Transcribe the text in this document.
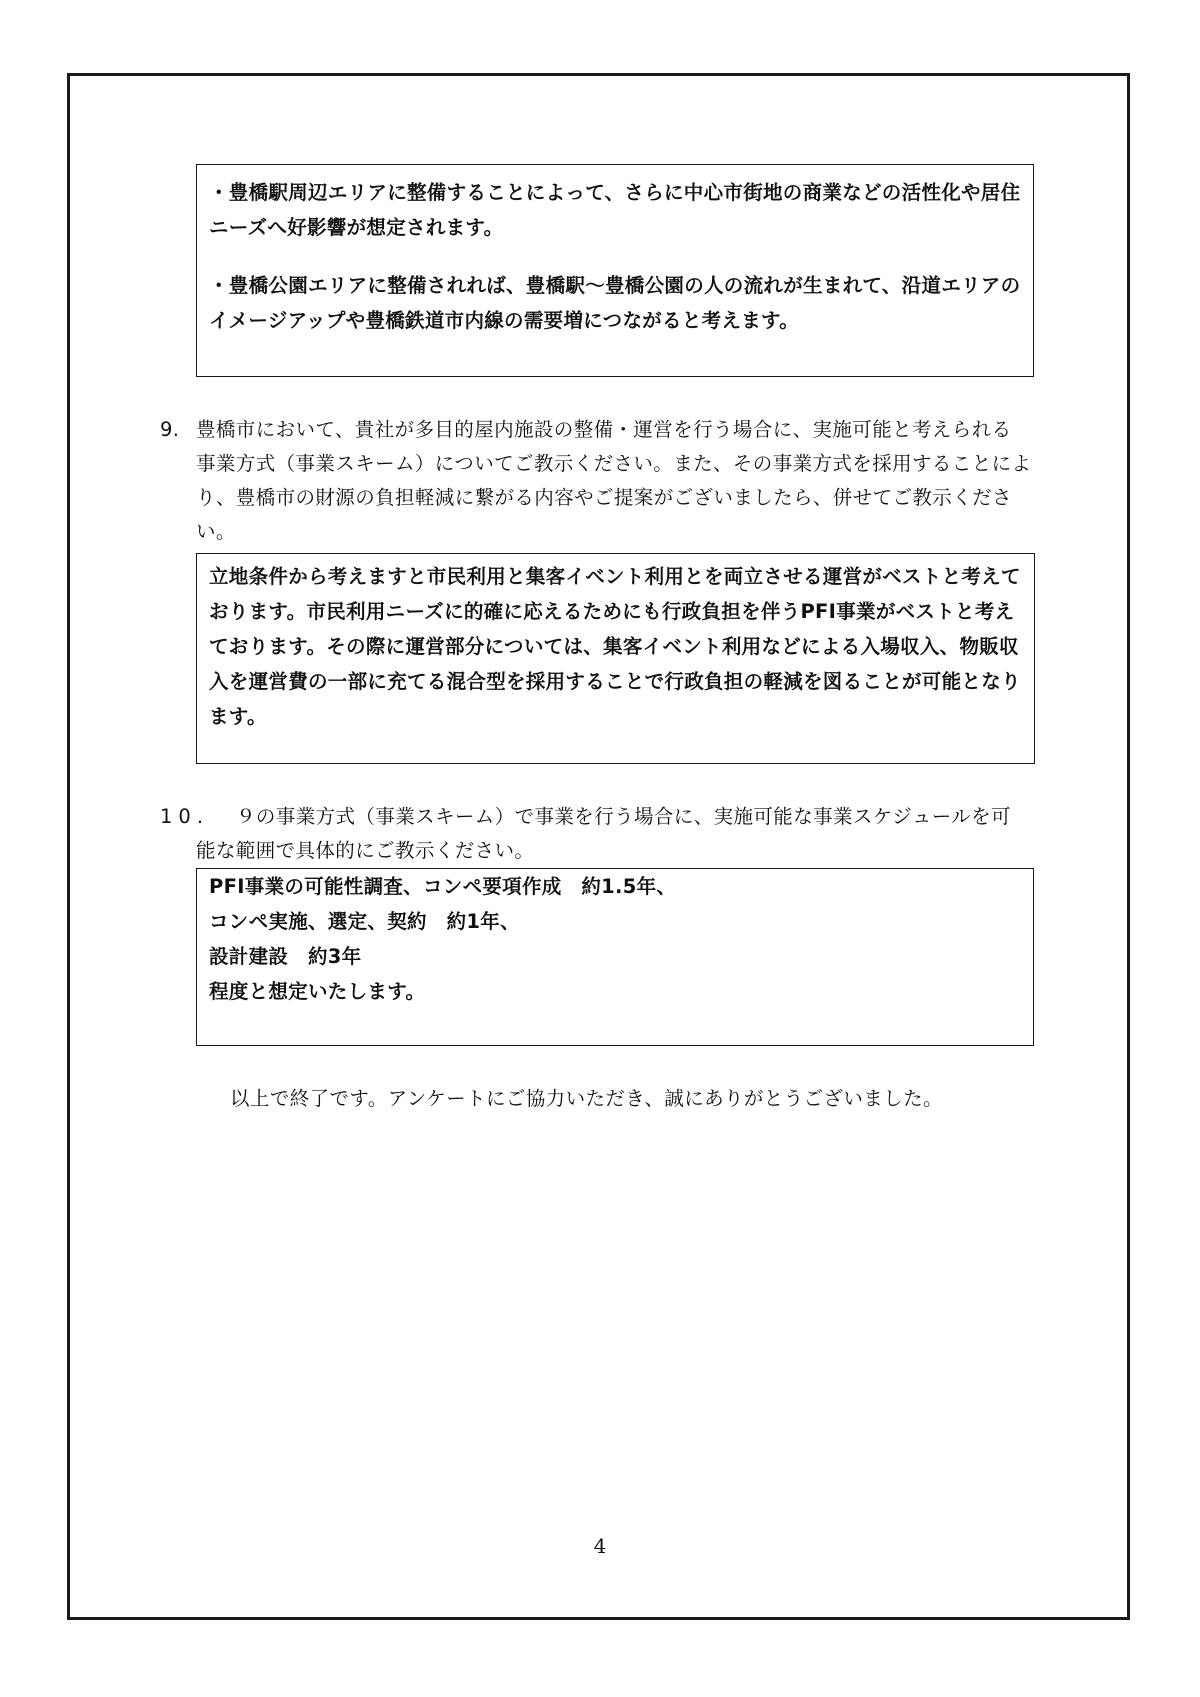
・豊橋駅周辺エリアに整備することによって、さらに中心市街地の商業などの活性化や居住ニーズへ好影響が想定されます。

・豊橋公園エリアに整備されれば、豊橋駅～豊橋公園の人の流れが生まれて、沿道エリアのイメージアップや豊橋鉄道市内線の需要増につながると考えます。

9. 豊橋市において、貴社が多目的屋内施設の整備・運営を行う場合に、実施可能と考えられる
事業方式（事業スキーム）についてご教示ください。また、その事業方式を採用することにより、豊橋市の財源の負担軽減に繋がる内容やご提案がございましたら、併せてご教示ください。

立地条件から考えますと市民利用と集客イベント利用とを両立させる運営がベストと考えております。市民利用ニーズに的確に応えるためにも行政負担を伴うPFI事業がベストと考えております。その際に運営部分については、集客イベント利用などによる入場収入、物販収入を運営費の一部に充てる混合型を採用することで行政負担の軽減を図ることが可能となります。

10. ９の事業方式（事業スキーム）で事業を行う場合に、実施可能な事業スケジュールを可
能な範囲で具体的にご教示ください。

PFI事業の可能性調査、コンペ要項作成　約1.5年、

コンペ実施、選定、契約　約1年、

設計建設　約3年

程度と想定いたします。

以上で終了です。アンケートにご協力いただき、誠にありがとうございました。
4
